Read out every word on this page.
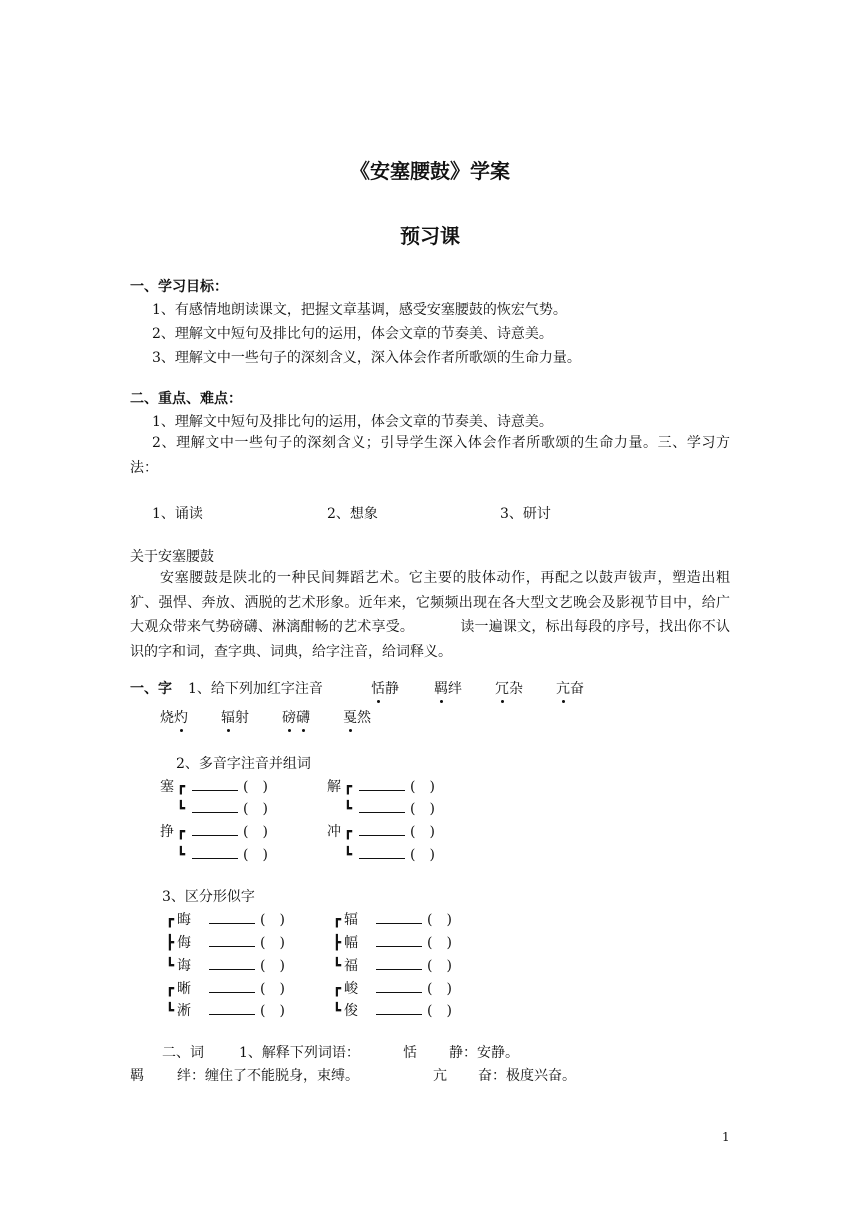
《安塞腰鼓》学案
预习课
一、学习目标：
1、有感情地朗读课文，把握文章基调，感受安塞腰鼓的恢宏气势。
2、理解文中短句及排比句的运用，体会文章的节奏美、诗意美。
3、理解文中一些句子的深刻含义，深入体会作者所歌颂的生命力量。
二、重点、难点：
1、理解文中短句及排比句的运用，体会文章的节奏美、诗意美。
2、理解文中一些句子的深刻含义；引导学生深入体会作者所歌颂的生命力量。三、学习方法：
1、诵读	2、想象	3、研讨
关于安塞腰鼓
安塞腰鼓是陕北的一种民间舞蹈艺术。它主要的肢体动作，再配之以鼓声钹声，塑造出粗犷、强悍、奔放、洒脱的艺术形象。近年来，它频频出现在各大型文艺晚会及影视节目中，给广大观众带来气势磅礴、淋漓酣畅的艺术享受。	读一遍课文，标出每段的序号，找出你不认识的字和词，查字典、词典，给字注音，给词释义。
一、字 1、给下列加红字注音	恬静	羁绊 冗杂 亢奋
烧灼 辐射 磅礴 戛然
2、多音字注音并组词
塞 ┏	(　)	解 ┏	(　)
┗	(　)	┗	(　)
挣 ┏	(　)	冲 ┏	(　)
┗	(　)	┗	(　)
3、区分形似字
┏ 晦	(　)	┏ 辐	(　)
┣ 侮	(　)	┣ 幅	(　)
┗ 诲	(　)	┗ 福	(　)
┏ 晰	(　)	┏ 峻	(　)
┗ 淅	(　)	┗ 俊	(　)
二、词	1、解释下列词语：	恬 静：安静。
羁 绊：缠住了不能脱身，束缚。	亢 奋：极度兴奋。
1
